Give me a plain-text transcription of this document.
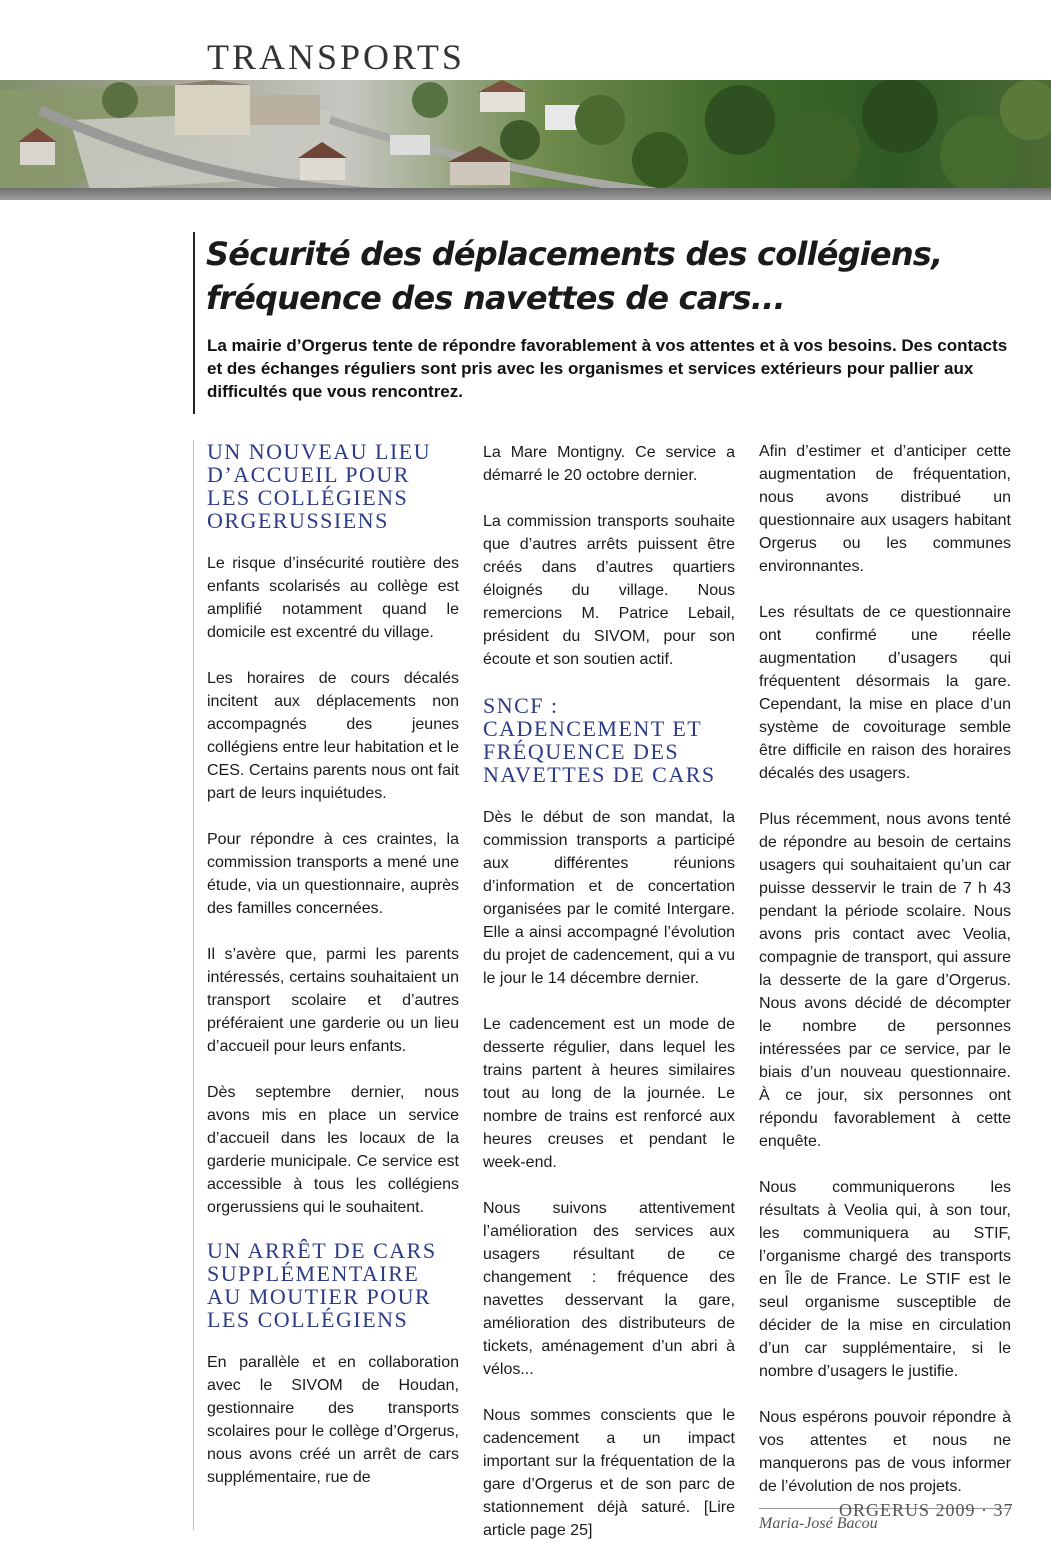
TRANSPORTS
Sécurité des déplacements des collégiens,
fréquence des navettes de cars...

La mairie d’Orgerus tente de répondre favorablement à vos attentes et à vos besoins. Des contacts et des échanges réguliers sont pris avec les organismes et services extérieurs pour pallier aux difficultés que vous rencontrez.

UN NOUVEAU LIEU D’ACCUEIL POUR LES COLLÉGIENS ORGERUSSIENS

Le risque d’insécurité routière des enfants scolarisés au collège est amplifié notamment quand le domicile est excentré du village.

Les horaires de cours décalés incitent aux déplacements non accompagnés des jeunes collégiens entre leur habitation et le CES. Certains parents nous ont fait part de leurs inquiétudes.

Pour répondre à ces craintes, la commission transports a mené une étude, via un questionnaire, auprès des familles concernées.

Il s’avère que, parmi les parents intéressés, certains souhaitaient un transport scolaire et d’autres préféraient une garderie ou un lieu d’accueil pour leurs enfants.

Dès septembre dernier, nous avons mis en place un service d’accueil dans les locaux de la garderie municipale. Ce service est accessible à tous les collégiens orgerussiens qui le souhaitent.

UN ARRÊT DE CARS SUPPLÉMENTAIRE AU MOUTIER POUR LES COLLÉGIENS

En parallèle et en collaboration avec le SIVOM de Houdan, gestionnaire des transports scolaires pour le collège d’Orgerus, nous avons créé un arrêt de cars supplémentaire, rue de

La Mare Montigny. Ce service a démarré le 20 octobre dernier.

La commission transports souhaite que d’autres arrêts puissent être créés dans d’autres quartiers éloignés du village. Nous remercions M. Patrice Lebail, président du SIVOM, pour son écoute et son soutien actif.

SNCF : CADENCEMENT ET FRÉQUENCE DES NAVETTES DE CARS

Dès le début de son mandat, la commission transports a participé aux différentes réunions d’information et de concertation organisées par le comité Intergare. Elle a ainsi accompagné l’évolution du projet de cadencement, qui a vu le jour le 14 décembre dernier.

Le cadencement est un mode de desserte régulier, dans lequel les trains partent à heures similaires tout au long de la journée. Le nombre de trains est renforcé aux heures creuses et pendant le week-end.

Nous suivons attentivement l’amélioration des services aux usagers résultant de ce changement : fréquence des navettes desservant la gare, amélioration des distributeurs de tickets, aménagement d’un abri à vélos...

Nous sommes conscients que le cadencement a un impact important sur la fréquentation de la gare d’Orgerus et de son parc de stationnement déjà saturé. [Lire article page 25]

Afin d’estimer et d’anticiper cette augmentation de fréquentation, nous avons distribué un questionnaire aux usagers habitant Orgerus ou les communes environnantes.

Les résultats de ce questionnaire ont confirmé une réelle augmentation d’usagers qui fréquentent désormais la gare. Cependant, la mise en place d’un système de covoiturage semble être difficile en raison des horaires décalés des usagers.

Plus récemment, nous avons tenté de répondre au besoin de certains usagers qui souhaitaient qu’un car puisse desservir le train de 7 h 43 pendant la période scolaire. Nous avons pris contact avec Veolia, compagnie de transport, qui assure la desserte de la gare d’Orgerus. Nous avons décidé de décompter le nombre de personnes intéressées par ce service, par le biais d’un nouveau questionnaire. À ce jour, six personnes ont répondu favorablement à cette enquête.

Nous communiquerons les résultats à Veolia qui, à son tour, les communiquera au STIF, l’organisme chargé des transports en Île de France. Le STIF est le seul organisme susceptible de décider de la mise en circulation d’un car supplémentaire, si le nombre d’usagers le justifie.

Nous espérons pouvoir répondre à vos attentes et nous ne manquerons pas de vous informer de l’évolution de nos projets.

Maria-José Bacou

ORGERUS 2009 · 37
